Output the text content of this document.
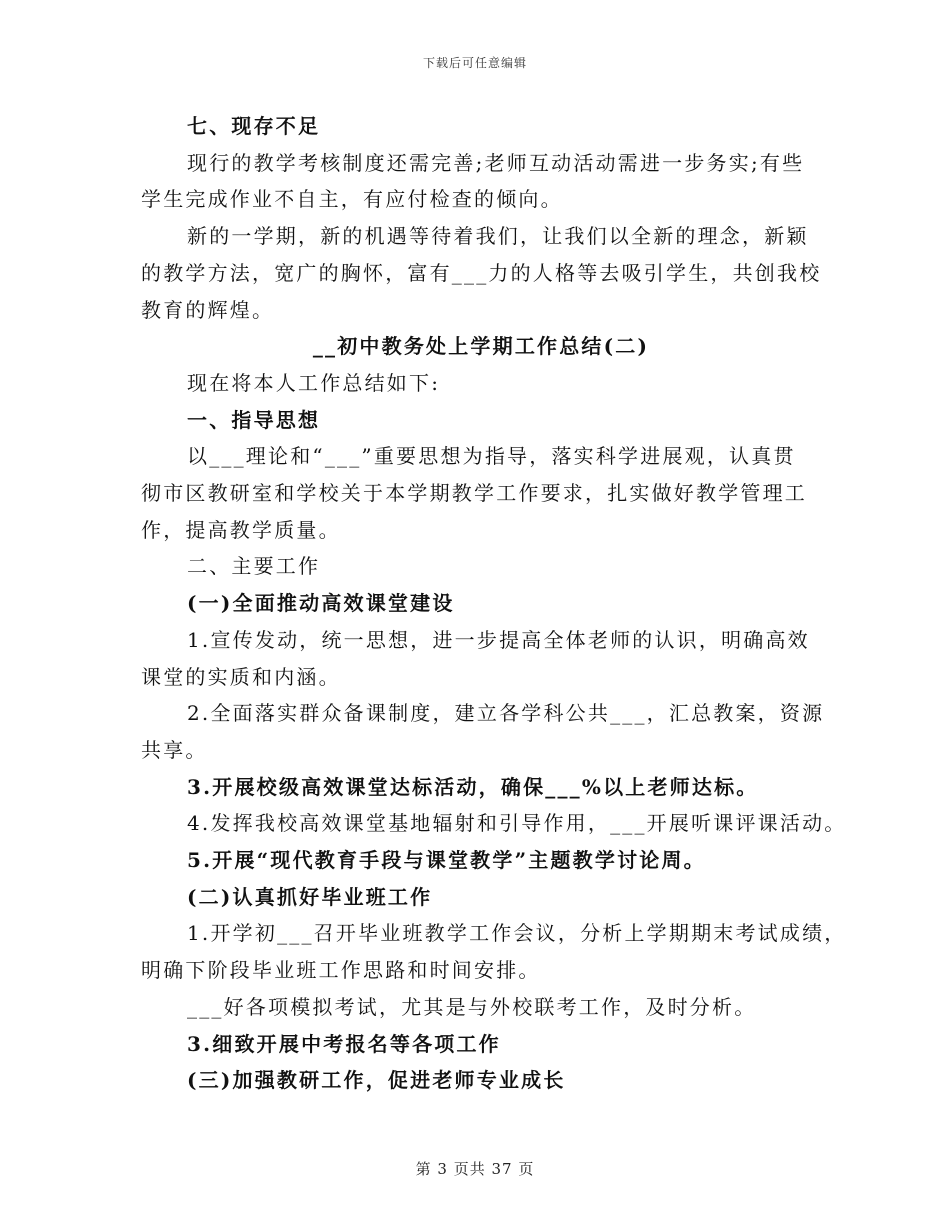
下载后可任意编辑

七、现存不足

现行的教学考核制度还需完善;老师互动活动需进一步务实;有些

学生完成作业不自主，有应付检查的倾向。

新的一学期，新的机遇等待着我们，让我们以全新的理念，新颖

的教学方法，宽广的胸怀，富有___力的人格等去吸引学生，共创我校

教育的辉煌。

__初中教务处上学期工作总结(二)

现在将本人工作总结如下:

一、指导思想

以___理论和“___”重要思想为指导，落实科学进展观，认真贯

彻市区教研室和学校关于本学期教学工作要求，扎实做好教学管理工

作，提高教学质量。

二、主要工作

(一)全面推动高效课堂建设

1.宣传发动，统一思想，进一步提高全体老师的认识，明确高效

课堂的实质和内涵。

2.全面落实群众备课制度，建立各学科公共___，汇总教案，资源

共享。

3.开展校级高效课堂达标活动，确保___%以上老师达标。

4.发挥我校高效课堂基地辐射和引导作用，___开展听课评课活动。

5.开展“现代教育手段与课堂教学”主题教学讨论周。

(二)认真抓好毕业班工作

1.开学初___召开毕业班教学工作会议，分析上学期期末考试成绩，

明确下阶段毕业班工作思路和时间安排。

___好各项模拟考试，尤其是与外校联考工作，及时分析。

3.细致开展中考报名等各项工作

(三)加强教研工作，促进老师专业成长

第 3 页共 37 页
